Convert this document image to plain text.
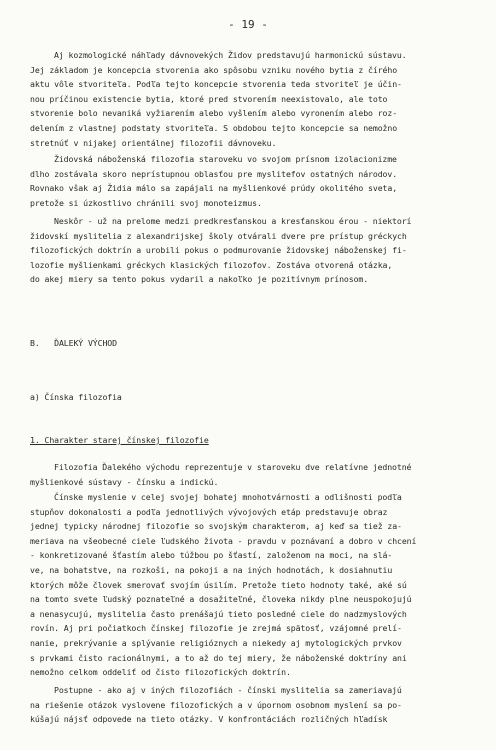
- 19 -
Aj kozmologické náhľady dávnovekých Židov predstavujú harmonickú sústavu.
Jej základom je koncepcia stvorenia ako spôsobu vzniku nového bytia z čírého
aktu vôle stvoriteľa. Podľa tejto koncepcie stvorenia teda stvoriteľ je účin-
nou príčinou existencie bytia, ktoré pred stvorením neexistovalo, ale toto
stvorenie bolo nevaniká vyžiarením alebo vyšlením alebo vyronením alebo roz-
delením z vlastnej podstaty stvoriteľa. S obdobou tejto koncepcie sa nemožno
stretnúť v nijakej orientálnej filozofii dávnoveku.
Židovská náboženská filozofia staroveku vo svojom prísnom izolacionizme
dlho zostávala skoro neprístupnou oblasťou pre myslitefov ostatných národov.
Rovnako však aj Židia málo sa zapájali na myšlienkové prúdy okolitého sveta,
pretože si úzkostlivo chránili svoj monoteizmus.
Neskôr - už na prelome medzi predkresťanskou a kresťanskou érou - niektorí
židovskí myslitelia z alexandrijskej školy otvárali dvere pre prístup gréckych
filozofických doktrín a urobili pokus o podmurovanie židovskej náboženskej fi-
lozofie myšlienkami gréckych klasických filozofov. Zostáva otvorená otázka,
do akej miery sa tento pokus vydaril a nakoľko je pozitívnym prínosom.
B.   ĎALEKÝ VÝCHOD
a) Čínska filozofia
1. Charakter starej čínskej filozofie
Filozofia Ďalekého východu reprezentuje v staroveku dve relatívne jednotné
myšlienkové sústavy - čínsku a indickú.
Čínske myslenie v celej svojej bohatej mnohotvárnosti a odlišnosti podľa
stupňov dokonalosti a podľa jednotlivých vývojových etáp predstavuje obraz
jednej typicky národnej filozofie so svojským charakterom, aj keď sa tiež za-
meriava na všeobecné ciele ľudského života - pravdu v poznávaní a dobro v chcení
- konkretizované šťastím alebo túžbou po šťastí, založenom na moci, na slá-
ve, na bohatstve, na rozkoši, na pokoji a na iných hodnotách, k dosiahnutiu
ktorých môže človek smerovať svojím úsilím. Pretože tieto hodnoty také, aké sú
na tomto svete ľudský poznateľné a dosažiteľné, človeka nikdy plne neuspokojujú
a nenasycujú, myslitelia často prenášajú tieto posledné ciele do nadzmyslových
rovín. Aj pri počiatkoch čínskej filozofie je zrejmá spätosť, vzájomné prelí-
nanie, prekrývanie a splývanie religióznych a niekedy aj mytologických prvkov
s prvkami čisto racionálnymi, a to až do tej miery, že náboženské doktríny ani
nemožno celkom oddeliť od čisto filozofických doktrín.
Postupne - ako aj v iných filozofiách - čínski myslitelia sa zameriavajú
na riešenie otázok vyslovene filozofických a v úpornom osobnom myslení sa po-
kúšajú nájsť odpovede na tieto otázky. V konfrontáciách rozličných hľadísk
